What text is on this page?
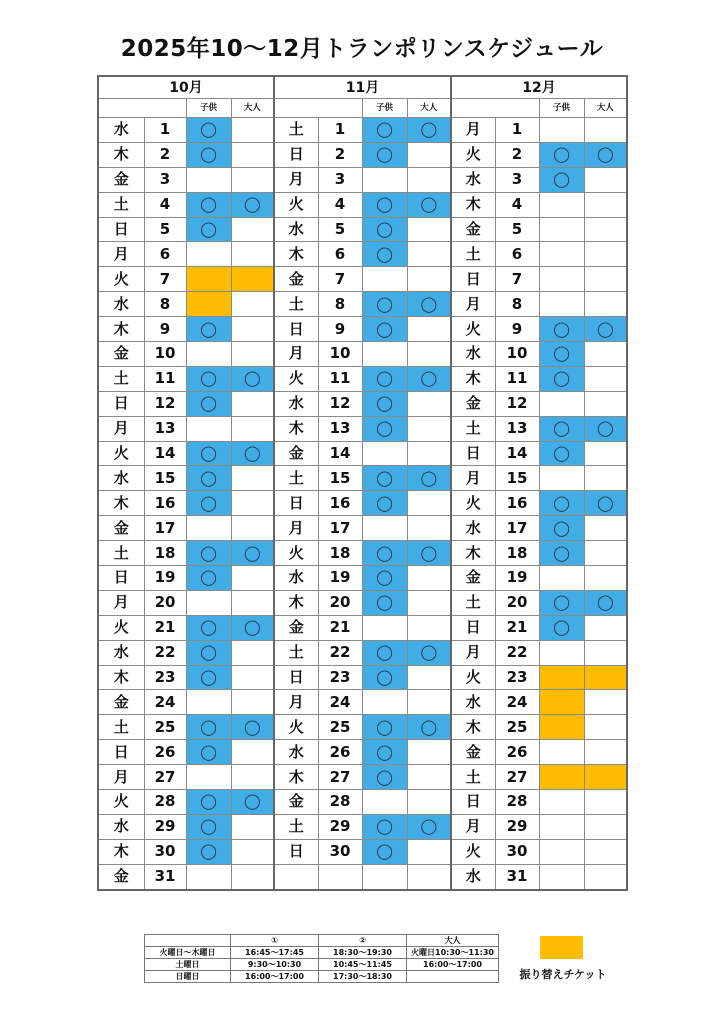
2025年10〜12月トランポリンスケジュール
10月				11月				12月			
		子供	大人			子供	大人			子供	大人
水	1	◯		土	1	◯	◯	月	1		
木	2	◯		日	2	◯		火	2	◯	◯
金	3			月	3			水	3	◯	
土	4	◯	◯	火	4	◯	◯	木	4		
日	5	◯		水	5	◯		金	5		
月	6			木	6	◯		土	6		
火	7			金	7			日	7		
水	8			土	8	◯	◯	月	8		
木	9	◯		日	9	◯		火	9	◯	◯
金	10			月	10			水	10	◯	
土	11	◯	◯	火	11	◯	◯	木	11	◯	
日	12	◯		水	12	◯		金	12		
月	13			木	13	◯		土	13	◯	◯
火	14	◯	◯	金	14			日	14	◯	
水	15	◯		土	15	◯	◯	月	15		
木	16	◯		日	16	◯		火	16	◯	◯
金	17			月	17			水	17	◯	
土	18	◯	◯	火	18	◯	◯	木	18	◯	
日	19	◯		水	19	◯		金	19		
月	20			木	20	◯		土	20	◯	◯
火	21	◯	◯	金	21			日	21	◯	
水	22	◯		土	22	◯	◯	月	22		
木	23	◯		日	23	◯		火	23		
金	24			月	24			水	24		
土	25	◯	◯	火	25	◯	◯	木	25		
日	26	◯		水	26	◯		金	26		
月	27			木	27	◯		土	27		
火	28	◯	◯	金	28			日	28		
水	29	◯		土	29	◯	◯	月	29		
木	30	◯		日	30	◯		火	30		
金	31							水	31		
	①	②	大人
火曜日〜木曜日	16:45〜17:45	18:30〜19:30	火曜日10:30〜11:30
土曜日	9:30〜10:30	10:45〜11:45	16:00〜17:00
日曜日	16:00〜17:00	17:30〜18:30		振り替えチケット
